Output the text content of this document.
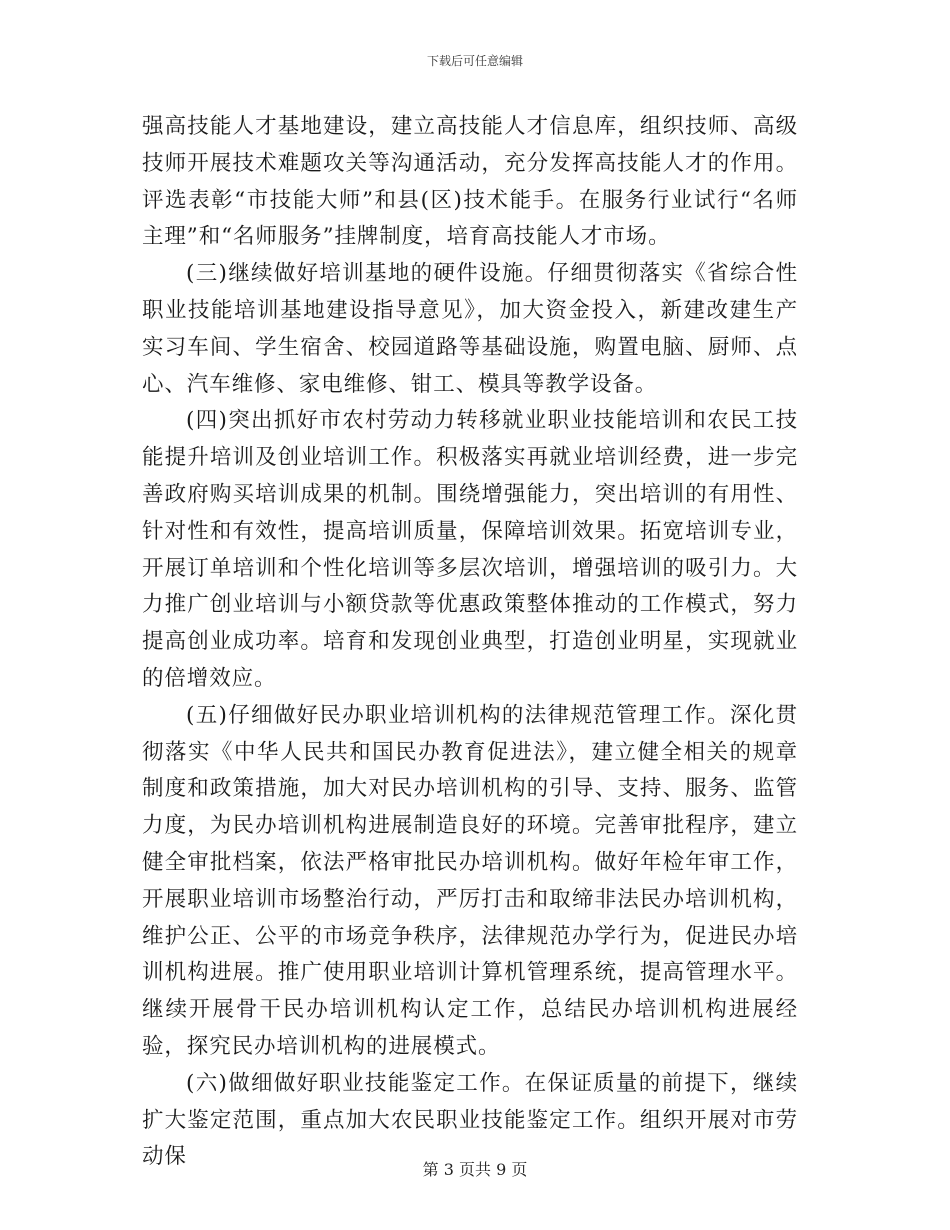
下载后可任意编辑

强高技能人才基地建设，建立高技能人才信息库，组织技师、高级技师开展技术难题攻关等沟通活动，充分发挥高技能人才的作用。评选表彰“市技能大师”和县(区)技术能手。在服务行业试行“名师主理”和“名师服务”挂牌制度，培育高技能人才市场。

(三)继续做好培训基地的硬件设施。仔细贯彻落实《省综合性职业技能培训基地建设指导意见》，加大资金投入，新建改建生产实习车间、学生宿舍、校园道路等基础设施，购置电脑、厨师、点心、汽车维修、家电维修、钳工、模具等教学设备。

(四)突出抓好市农村劳动力转移就业职业技能培训和农民工技能提升培训及创业培训工作。积极落实再就业培训经费，进一步完善政府购买培训成果的机制。围绕增强能力，突出培训的有用性、针对性和有效性，提高培训质量，保障培训效果。拓宽培训专业，开展订单培训和个性化培训等多层次培训，增强培训的吸引力。大力推广创业培训与小额贷款等优惠政策整体推动的工作模式，努力提高创业成功率。培育和发现创业典型，打造创业明星，实现就业的倍增效应。

(五)仔细做好民办职业培训机构的法律规范管理工作。深化贯彻落实《中华人民共和国民办教育促进法》，建立健全相关的规章制度和政策措施，加大对民办培训机构的引导、支持、服务、监管力度，为民办培训机构进展制造良好的环境。完善审批程序，建立健全审批档案，依法严格审批民办培训机构。做好年检年审工作，开展职业培训市场整治行动，严厉打击和取缔非法民办培训机构，维护公正、公平的市场竞争秩序，法律规范办学行为，促进民办培训机构进展。推广使用职业培训计算机管理系统，提高管理水平。继续开展骨干民办培训机构认定工作，总结民办培训机构进展经验，探究民办培训机构的进展模式。

(六)做细做好职业技能鉴定工作。在保证质量的前提下，继续扩大鉴定范围，重点加大农民职业技能鉴定工作。组织开展对市劳动保

第 3 页共 9 页
